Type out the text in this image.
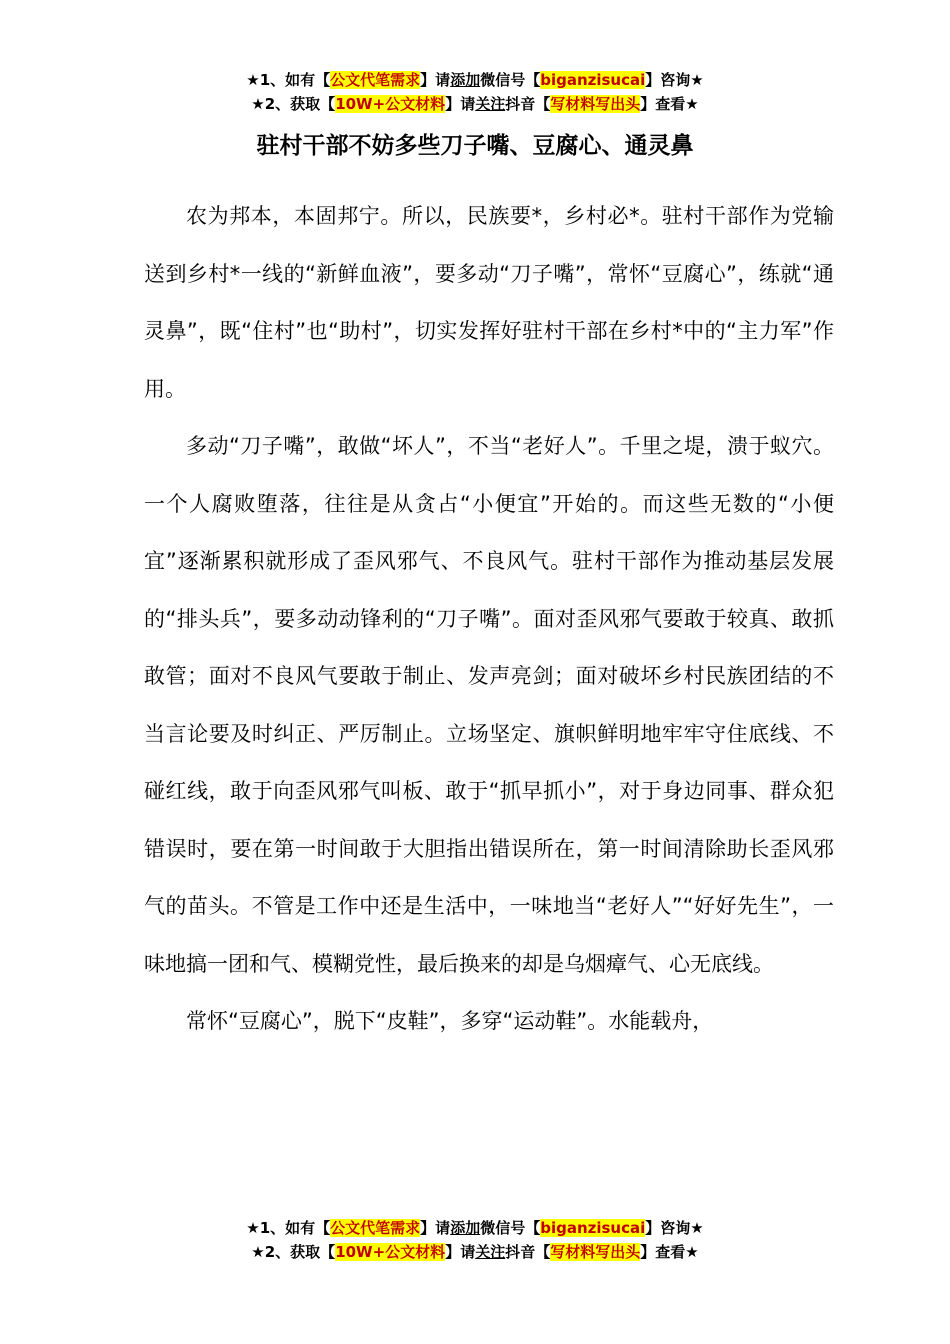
★1、如有【公文代笔需求】请添加微信号【biganzisucai】咨询★
★2、获取【10W+公文材料】请关注抖音【写材料写出头】查看★
驻村干部不妨多些刀子嘴、豆腐心、通灵鼻

农为邦本，本固邦宁。所以，民族要*，乡村必*。驻村干部作为党输送到乡村*一线的“新鲜血液”，要多动“刀子嘴”，常怀“豆腐心”，练就“通灵鼻”，既“住村”也“助村”，切实发挥好驻村干部在乡村*中的“主力军”作用。

多动“刀子嘴”，敢做“坏人”，不当“老好人”。千里之堤，溃于蚁穴。一个人腐败堕落，往往是从贪占“小便宜”开始的。而这些无数的“小便宜”逐渐累积就形成了歪风邪气、不良风气。驻村干部作为推动基层发展的“排头兵”，要多动动锋利的“刀子嘴”。面对歪风邪气要敢于较真、敢抓敢管；面对不良风气要敢于制止、发声亮剑；面对破坏乡村民族团结的不当言论要及时纠正、严厉制止。立场坚定、旗帜鲜明地牢牢守住底线、不碰红线，敢于向歪风邪气叫板、敢于“抓早抓小”，对于身边同事、群众犯错误时，要在第一时间敢于大胆指出错误所在，第一时间清除助长歪风邪气的苗头。不管是工作中还是生活中，一味地当“老好人”“好好先生”，一味地搞一团和气、模糊党性，最后换来的却是乌烟瘴气、心无底线。

常怀“豆腐心”，脱下“皮鞋”，多穿“运动鞋”。水能载舟，

★1、如有【公文代笔需求】请添加微信号【biganzisucai】咨询★
★2、获取【10W+公文材料】请关注抖音【写材料写出头】查看★
